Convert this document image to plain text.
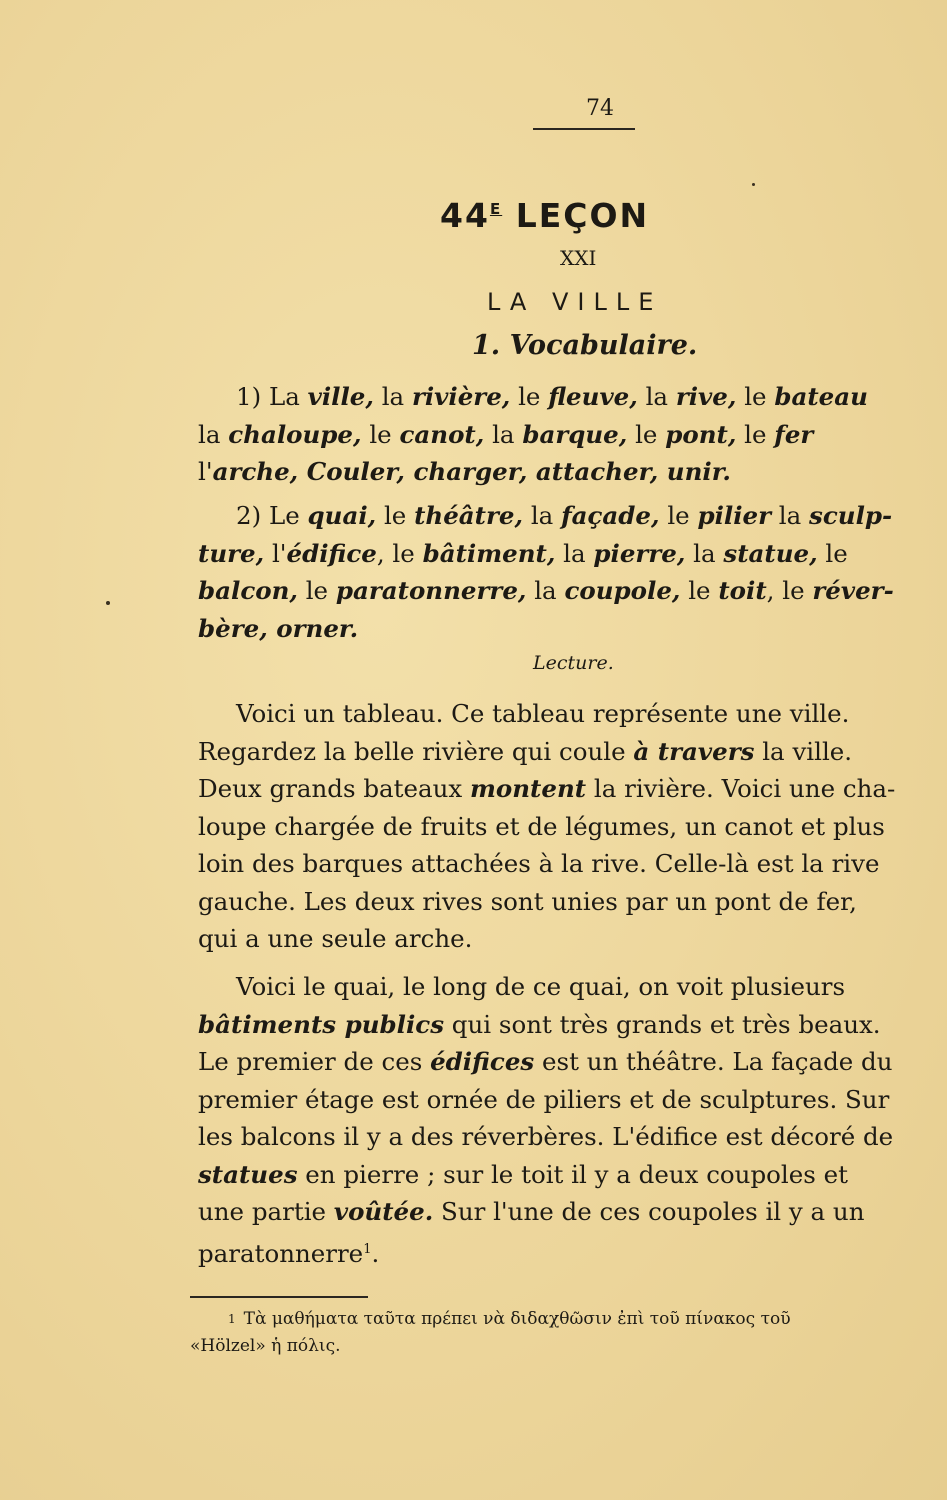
74
$44^E$ LEÇON
XXI
LA VILLE
1. Vocabulaire.
1) La ville, la rivière, le fleuve, la rive, le bateau
la chaloupe, le canot, la barque, le pont, le fer
l'arche, Couler, charger, attacher, unir.
2) Le quai, le théâtre, la façade, le pilier la sculp-
ture, l'édifice, le bâtiment, la pierre, la statue, le
balcon, le paratonnerre, la coupole, le toit, le réver-
bère, orner.
Lecture.
Voici un tableau. Ce tableau représente une ville.
Regardez la belle rivière qui coule à travers la ville.
Deux grands bateaux montent la rivière. Voici une cha-
loupe chargée de fruits et de légumes, un canot et plus
loin des barques attachées à la rive. Celle-là est la rive
gauche. Les deux rives sont unies par un pont de fer,
qui a une seule arche.
Voici le quai, le long de ce quai, on voit plusieurs
bâtiments publics qui sont très grands et très beaux.
Le premier de ces édifices est un théâtre. La façade du
premier étage est ornée de piliers et de sculptures. Sur
les balcons il y a des réverbères. L'édifice est décoré de
statues en pierre ; sur le toit il y a deux coupoles et
une partie voûtée. Sur l'une de ces coupoles il y a un
paratonnerre$^1$.
$^1$ Τὰ μαθήματα ταῦτα πρέπει νὰ διδαχθῶσιν ἐπὶ τοῦ πίνακος τοῦ
«Hölzel» ἡ πόλις.
